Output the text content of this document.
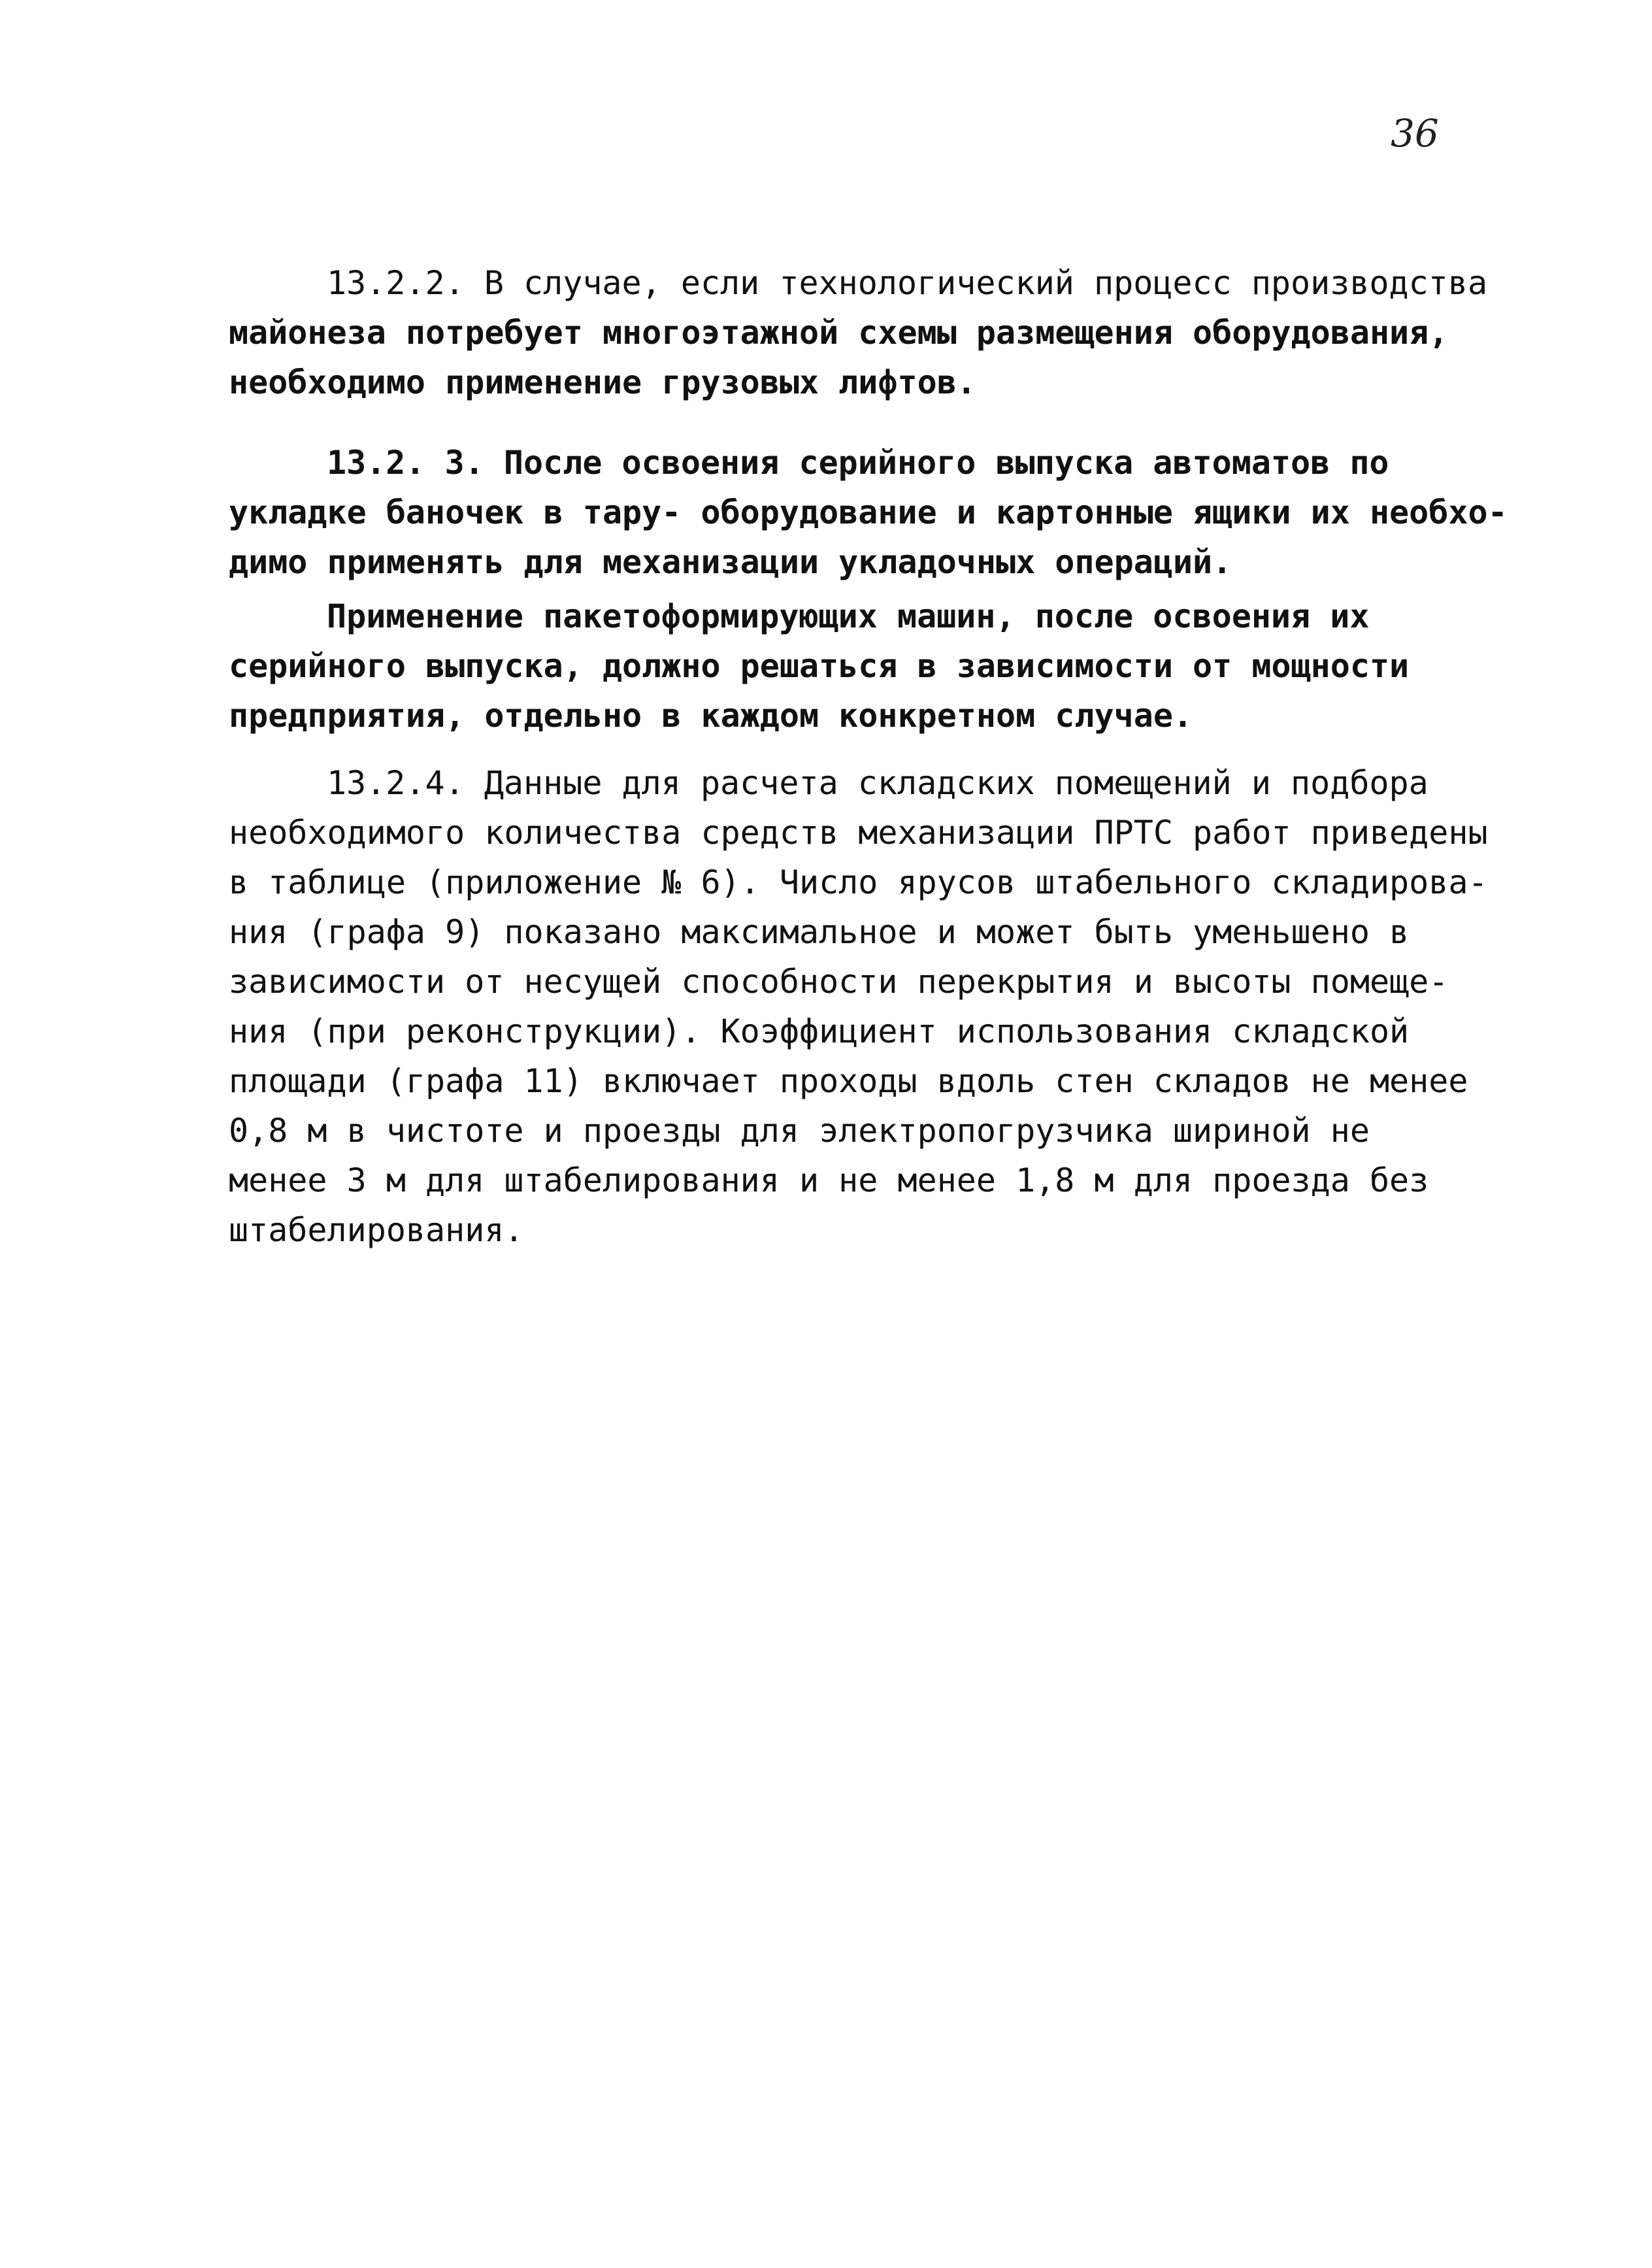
36
13.2.2. В случае, если технологический процесс производства
майонеза потребует многоэтажной схемы размещения оборудования,
необходимо применение грузовых лифтов.
13.2. 3. После освоения серийного выпуска автоматов по
укладке баночек в тару- оборудование и картонные ящики их необхо-
димо применять для механизации укладочных операций.
Применение пакетоформирующих машин, после освоения их
серийного выпуска, должно решаться в зависимости от мощности
предприятия, отдельно в каждом конкретном случае.
13.2.4. Данные для расчета складских помещений и подбора
необходимого количества средств механизации ПРТС работ приведены
в таблице (приложение № 6). Число ярусов штабельного складирова-
ния (графа 9) показано максимальное и может быть уменьшено в
зависимости от несущей способности перекрытия и высоты помеще-
ния (при реконструкции). Коэффициент использования складской
площади (графа 11) включает проходы вдоль стен складов не менее
0,8 м в чистоте и проезды для электропогрузчика шириной не
менее 3 м для штабелирования и не менее 1,8 м для проезда без
штабелирования.
